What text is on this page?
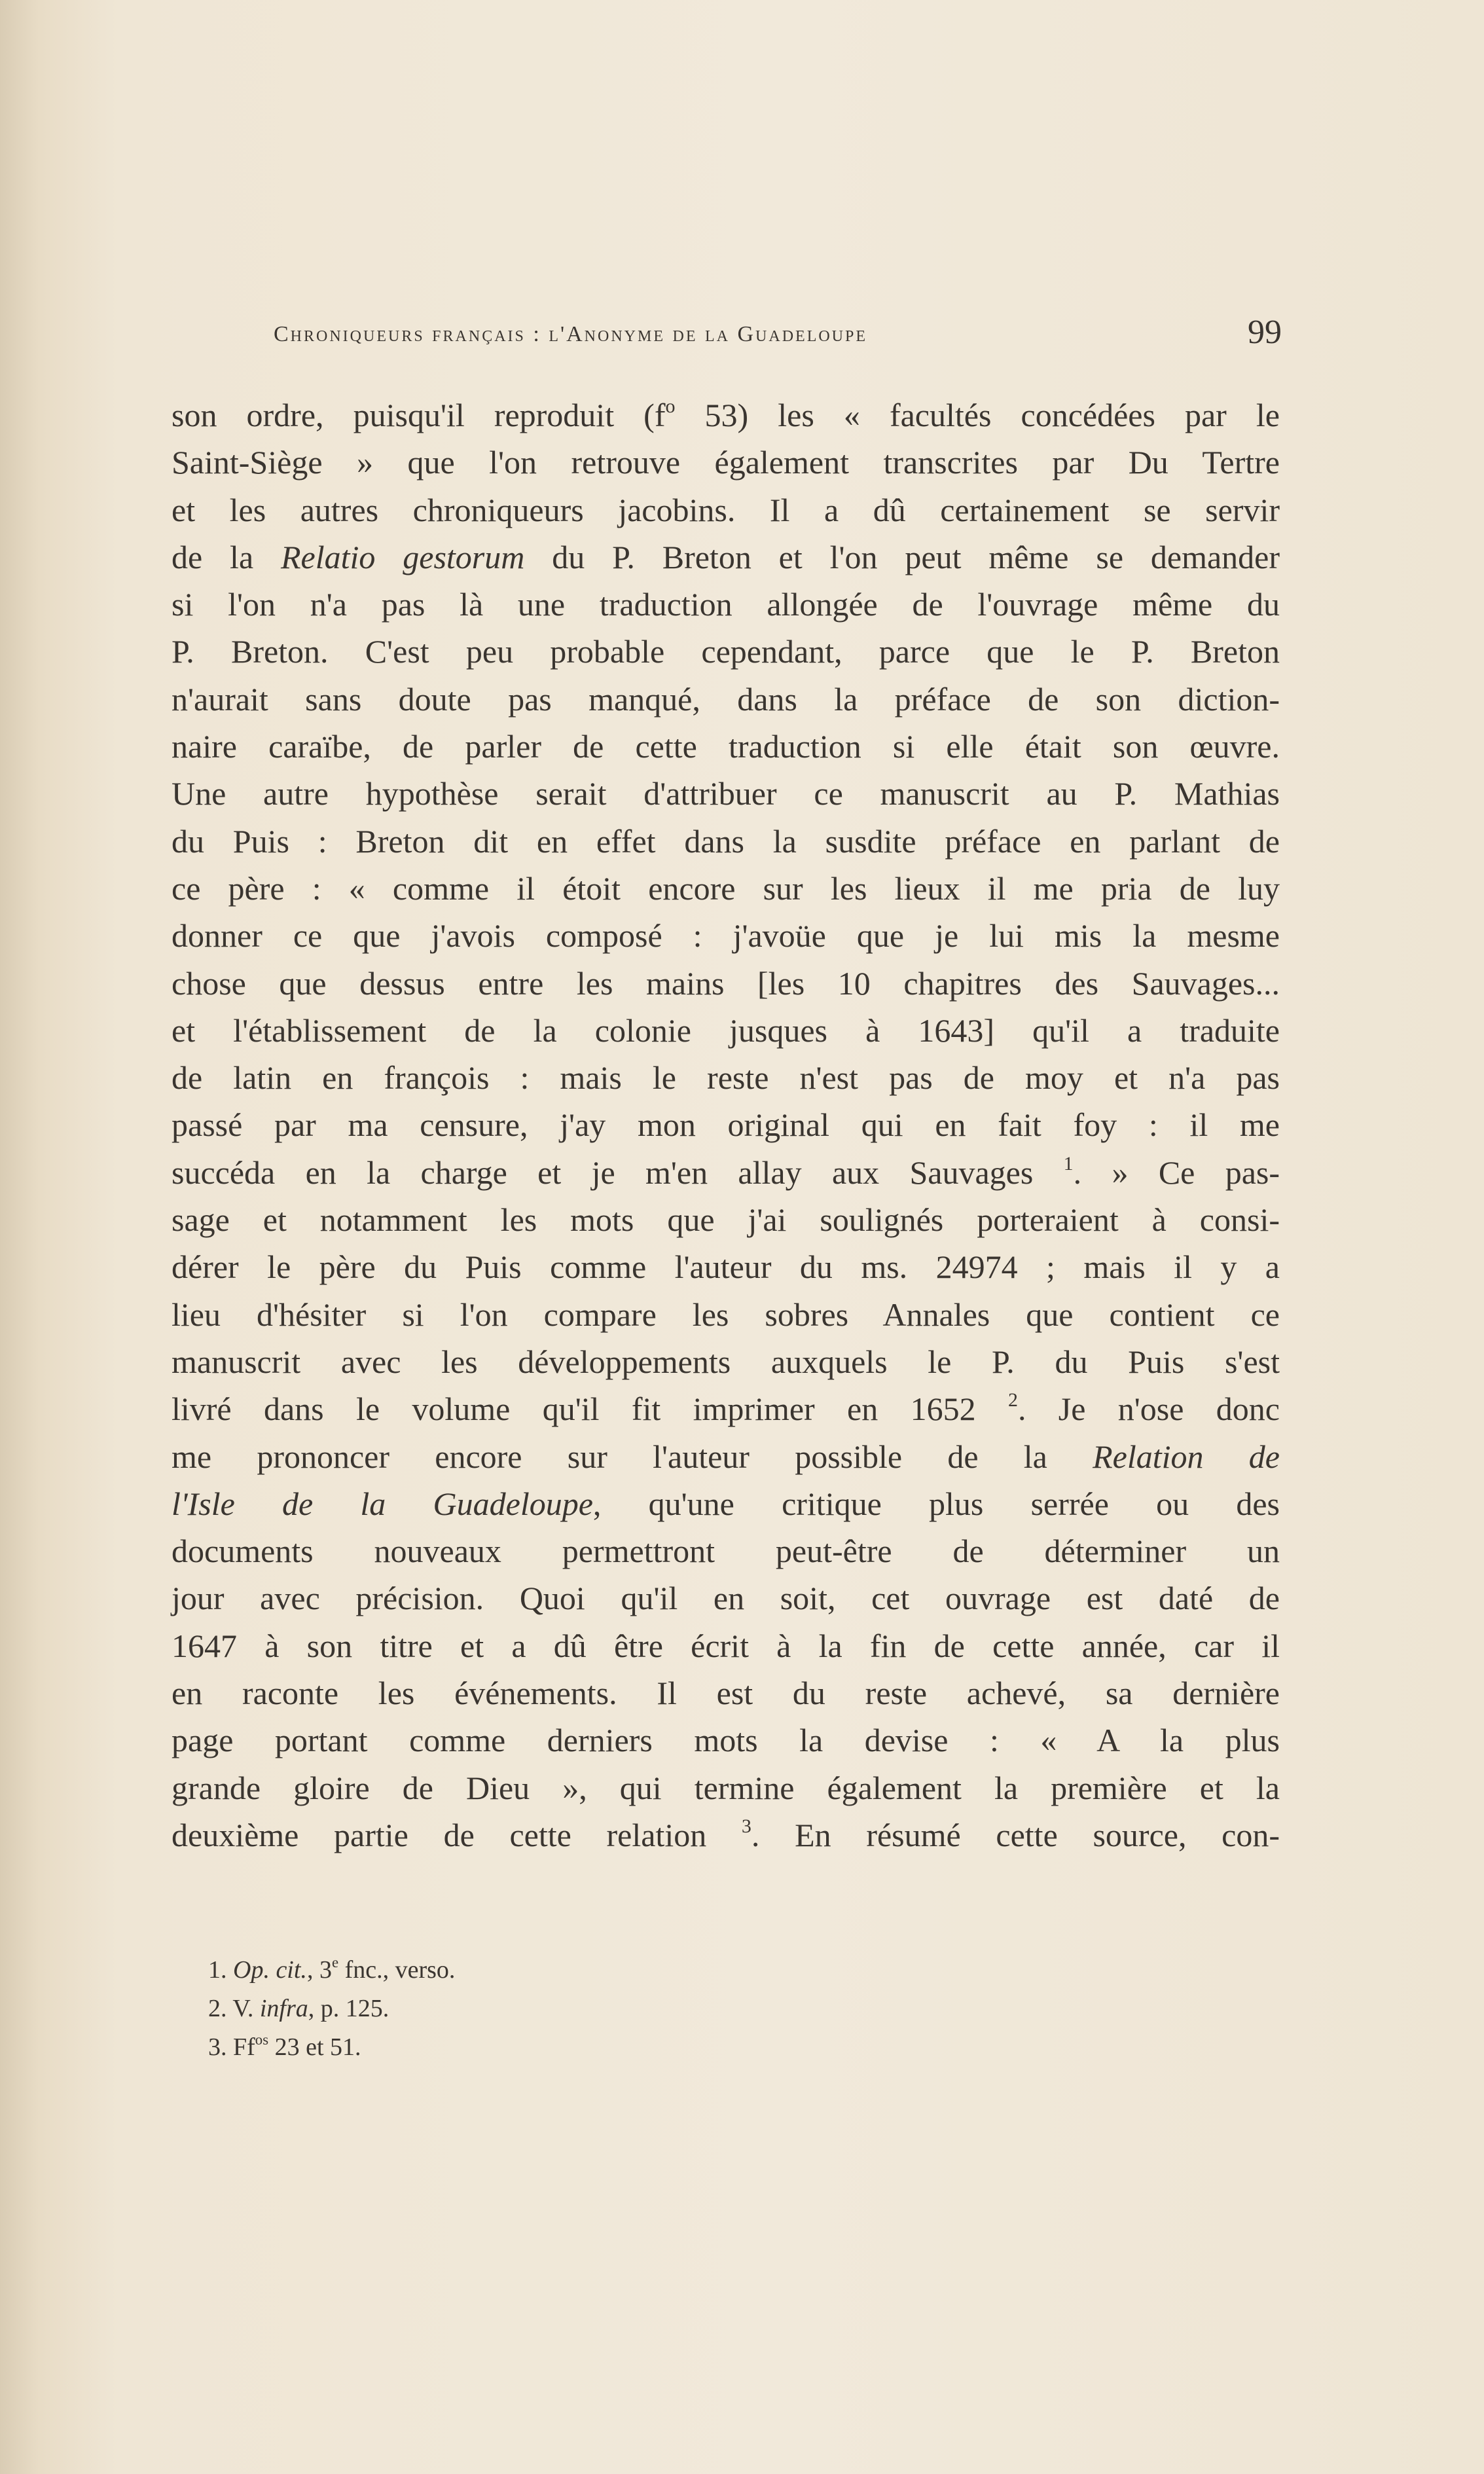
Chroniqueurs français : l'Anonyme de la Guadeloupe	99
son ordre, puisqu'il reproduit ($f^o$ 53) les « facultés concédées par le
Saint-Siège » que l'on retrouve également transcrites par Du Tertre
et les autres chroniqueurs jacobins. Il a dû certainement se servir
de la Relatio gestorum du P. Breton et l'on peut même se demander
si l'on n'a pas là une traduction allongée de l'ouvrage même du
P. Breton. C'est peu probable cependant, parce que le P. Breton
n'aurait sans doute pas manqué, dans la préface de son diction-
naire caraïbe, de parler de cette traduction si elle était son œuvre.
Une autre hypothèse serait d'attribuer ce manuscrit au P. Mathias
du Puis : Breton dit en effet dans la susdite préface en parlant de
ce père : « comme il étoit encore sur les lieux il me pria de luy
donner ce que j'avois composé : j'avoüe que je lui mis la mesme
chose que dessus entre les mains [les 10 chapitres des Sauvages...
et l'établissement de la colonie jusques à 1643] qu'il a traduite
de latin en françois : mais le reste n'est pas de moy et n'a pas
passé par ma censure, j'ay mon original qui en fait foy : il me
succéda en la charge et je m'en allay aux Sauvages $^1$. » Ce pas-
sage et notamment les mots que j'ai soulignés porteraient à consi-
dérer le père du Puis comme l'auteur du ms. 24974 ; mais il y a
lieu d'hésiter si l'on compare les sobres Annales que contient ce
manuscrit avec les développements auxquels le P. du Puis s'est
livré dans le volume qu'il fit imprimer en 1652 $^2$. Je n'ose donc
me prononcer encore sur l'auteur possible de la Relation de
l'Isle de la Guadeloupe, qu'une critique plus serrée ou des
documents nouveaux permettront peut-être de déterminer un
jour avec précision. Quoi qu'il en soit, cet ouvrage est daté de
1647 à son titre et a dû être écrit à la fin de cette année, car il
en raconte les événements. Il est du reste achevé, sa dernière
page portant comme derniers mots la devise : « A la plus
grande gloire de Dieu », qui termine également la première et la
deuxième partie de cette relation $^3$. En résumé cette source, con-
1. Op. cit., 3e fnc., verso.
2. V. infra, p. 125.
3. $Ff^{os}$ 23 et 51.
